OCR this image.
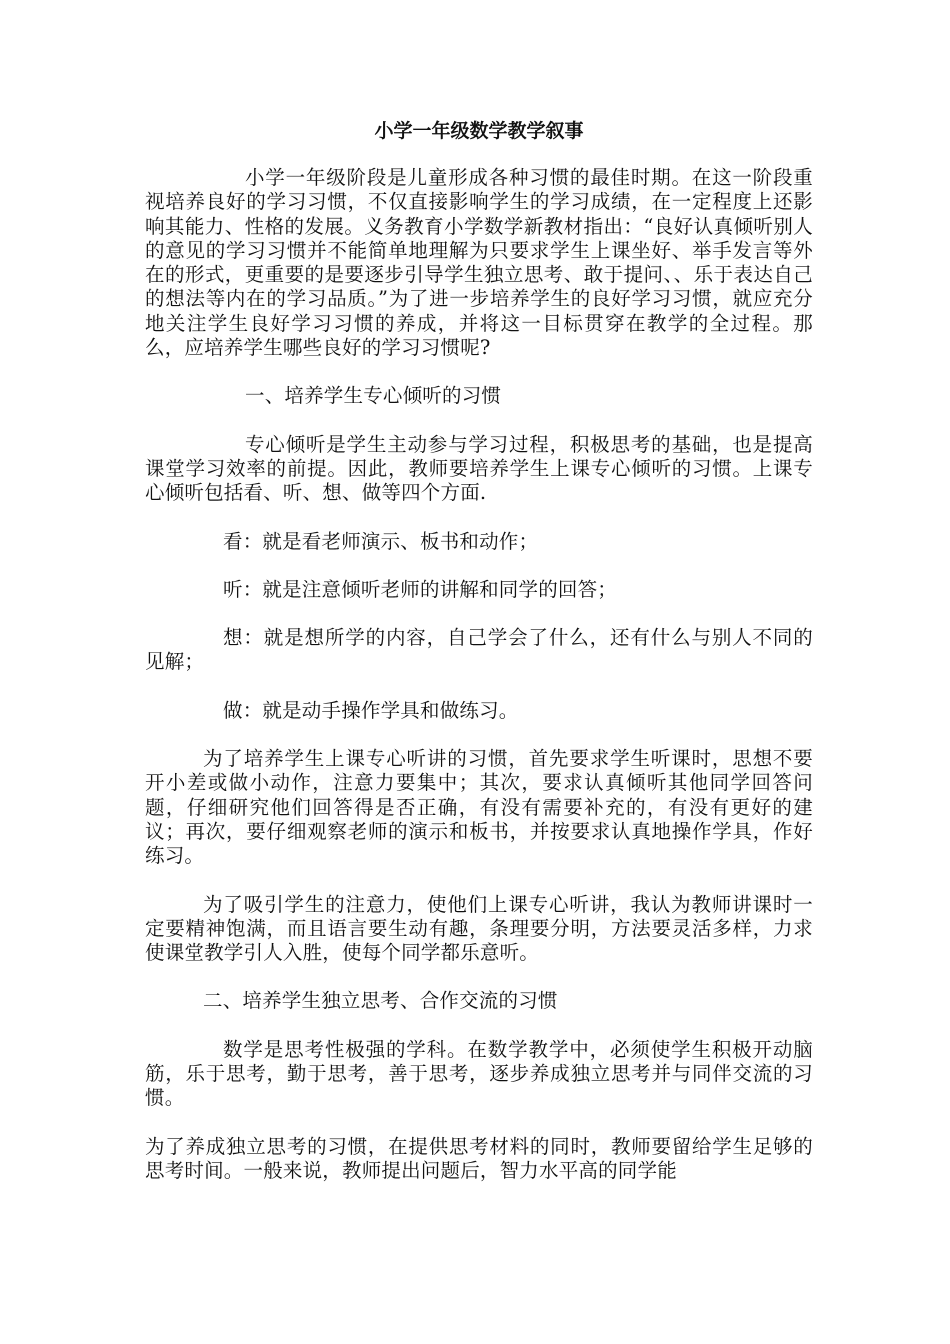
小学一年级数学教学叙事

小学一年级阶段是儿童形成各种习惯的最佳时期。在这一阶段重视培养良好的学习习惯，不仅直接影响学生的学习成绩，在一定程度上还影响其能力、性格的发展。义务教育小学数学新教材指出：“良好认真倾听别人的意见的学习习惯并不能简单地理解为只要求学生上课坐好、举手发言等外在的形式，更重要的是要逐步引导学生独立思考、敢于提问、、乐于表达自己的想法等内在的学习品质。”为了进一步培养学生的良好学习习惯，就应充分地关注学生良好学习习惯的养成，并将这一目标贯穿在教学的全过程。那么，应培养学生哪些良好的学习习惯呢?

一、培养学生专心倾听的习惯

专心倾听是学生主动参与学习过程，积极思考的基础，也是提高课堂学习效率的前提。因此，教师要培养学生上课专心倾听的习惯。上课专心倾听包括看、听、想、做等四个方面.

看：就是看老师演示、板书和动作；

听：就是注意倾听老师的讲解和同学的回答；

想：就是想所学的内容，自己学会了什么，还有什么与别人不同的见解；

做：就是动手操作学具和做练习。

为了培养学生上课专心听讲的习惯，首先要求学生听课时，思想不要开小差或做小动作，注意力要集中；其次，要求认真倾听其他同学回答问题，仔细研究他们回答得是否正确，有没有需要补充的，有没有更好的建议；再次，要仔细观察老师的演示和板书，并按要求认真地操作学具，作好练习。

为了吸引学生的注意力，使他们上课专心听讲，我认为教师讲课时一定要精神饱满，而且语言要生动有趣，条理要分明，方法要灵活多样，力求使课堂教学引人入胜，使每个同学都乐意听。

二、培养学生独立思考、合作交流的习惯

数学是思考性极强的学科。在数学教学中，必须使学生积极开动脑筋，乐于思考，勤于思考，善于思考，逐步养成独立思考并与同伴交流的习惯。

为了养成独立思考的习惯，在提供思考材料的同时，教师要留给学生足够的思考时间。一般来说，教师提出问题后，智力水平高的同学能
